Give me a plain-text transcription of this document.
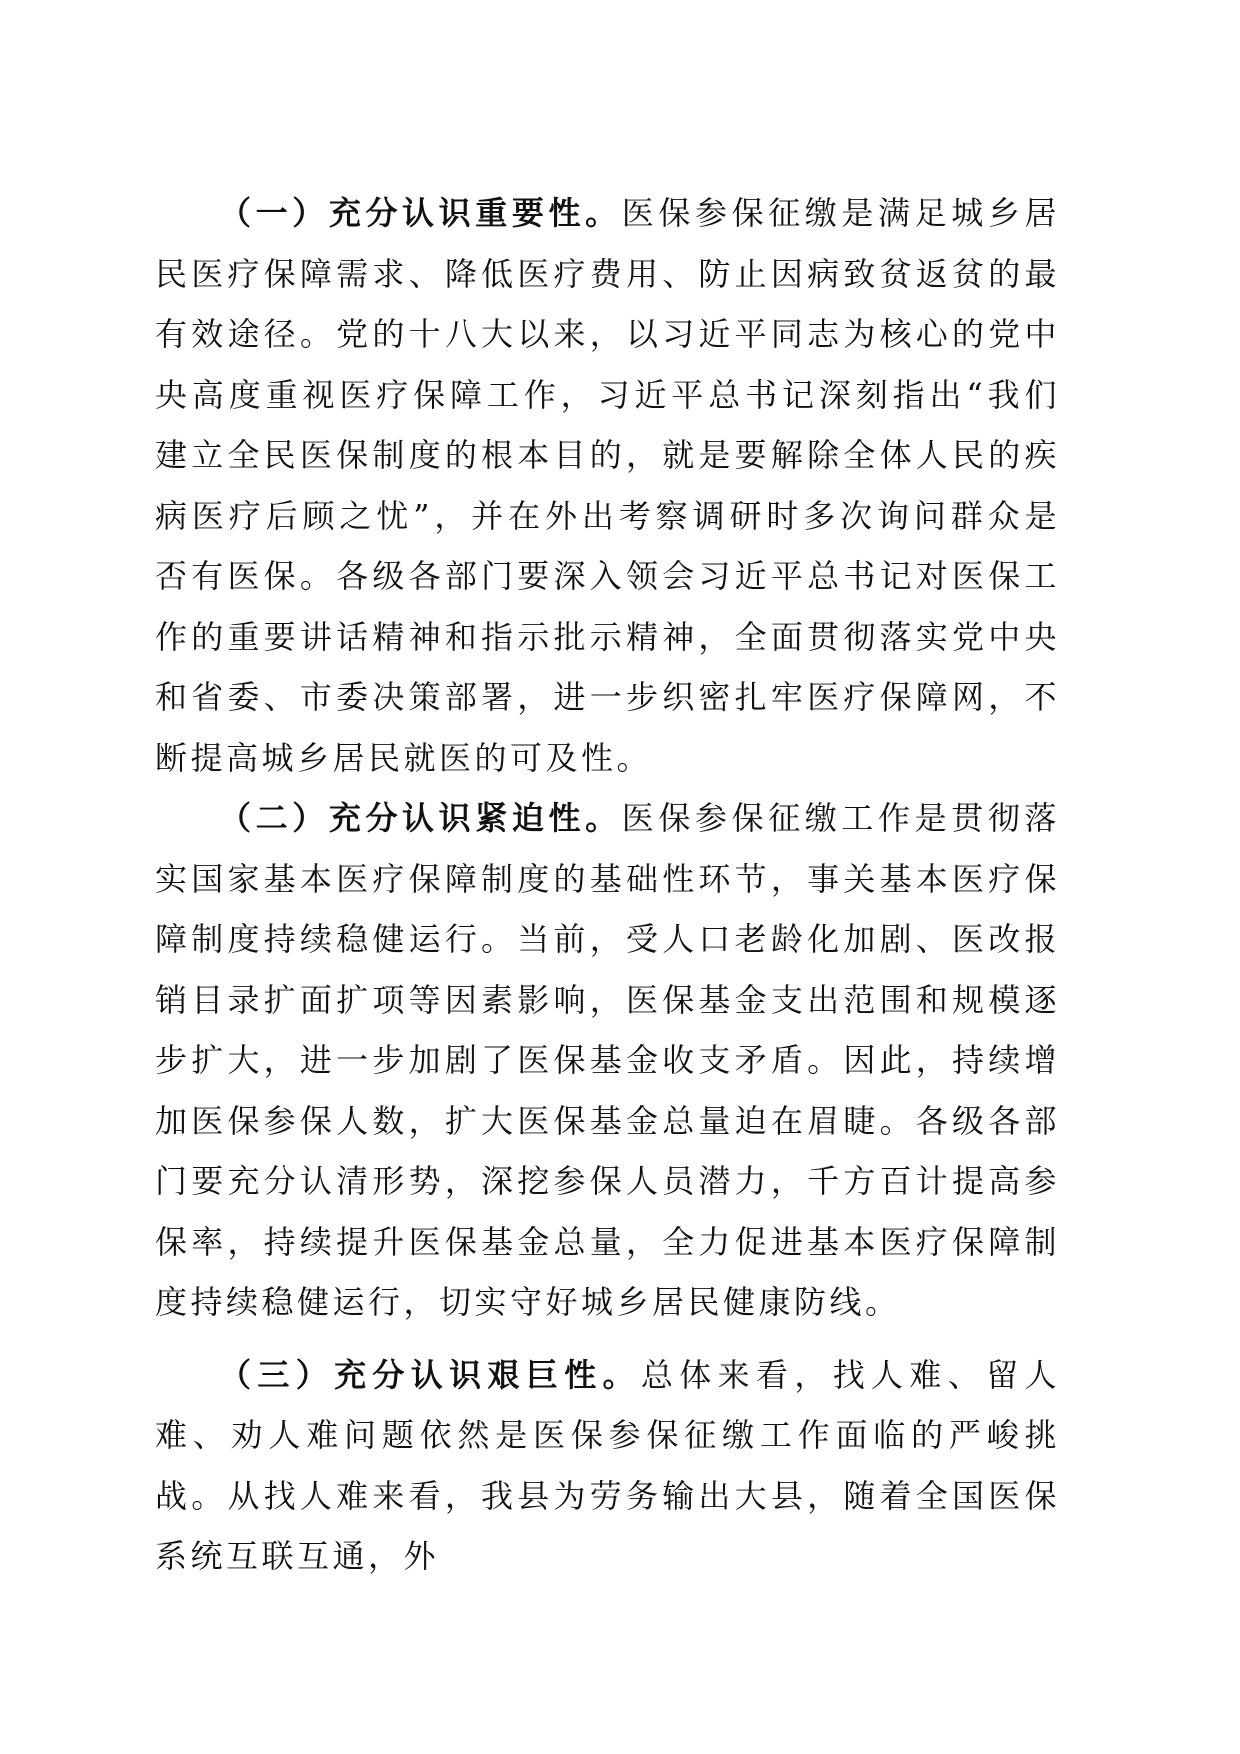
（一）充分认识重要性。医保参保征缴是满足城乡居民医疗保障需求、降低医疗费用、防止因病致贫返贫的最有效途径。党的十八大以来，以习近平同志为核心的党中央高度重视医疗保障工作，习近平总书记深刻指出“我们建立全民医保制度的根本目的，就是要解除全体人民的疾病医疗后顾之忧”，并在外出考察调研时多次询问群众是否有医保。各级各部门要深入领会习近平总书记对医保工作的重要讲话精神和指示批示精神，全面贯彻落实党中央和省委、市委决策部署，进一步织密扎牢医疗保障网，不断提高城乡居民就医的可及性。

（二）充分认识紧迫性。医保参保征缴工作是贯彻落实国家基本医疗保障制度的基础性环节，事关基本医疗保障制度持续稳健运行。当前，受人口老龄化加剧、医改报销目录扩面扩项等因素影响，医保基金支出范围和规模逐步扩大，进一步加剧了医保基金收支矛盾。因此，持续增加医保参保人数，扩大医保基金总量迫在眉睫。各级各部门要充分认清形势，深挖参保人员潜力，千方百计提高参保率，持续提升医保基金总量，全力促进基本医疗保障制度持续稳健运行，切实守好城乡居民健康防线。

（三）充分认识艰巨性。总体来看，找人难、留人难、劝人难问题依然是医保参保征缴工作面临的严峻挑战。从找人难来看，我县为劳务输出大县，随着全国医保系统互联互通，外
